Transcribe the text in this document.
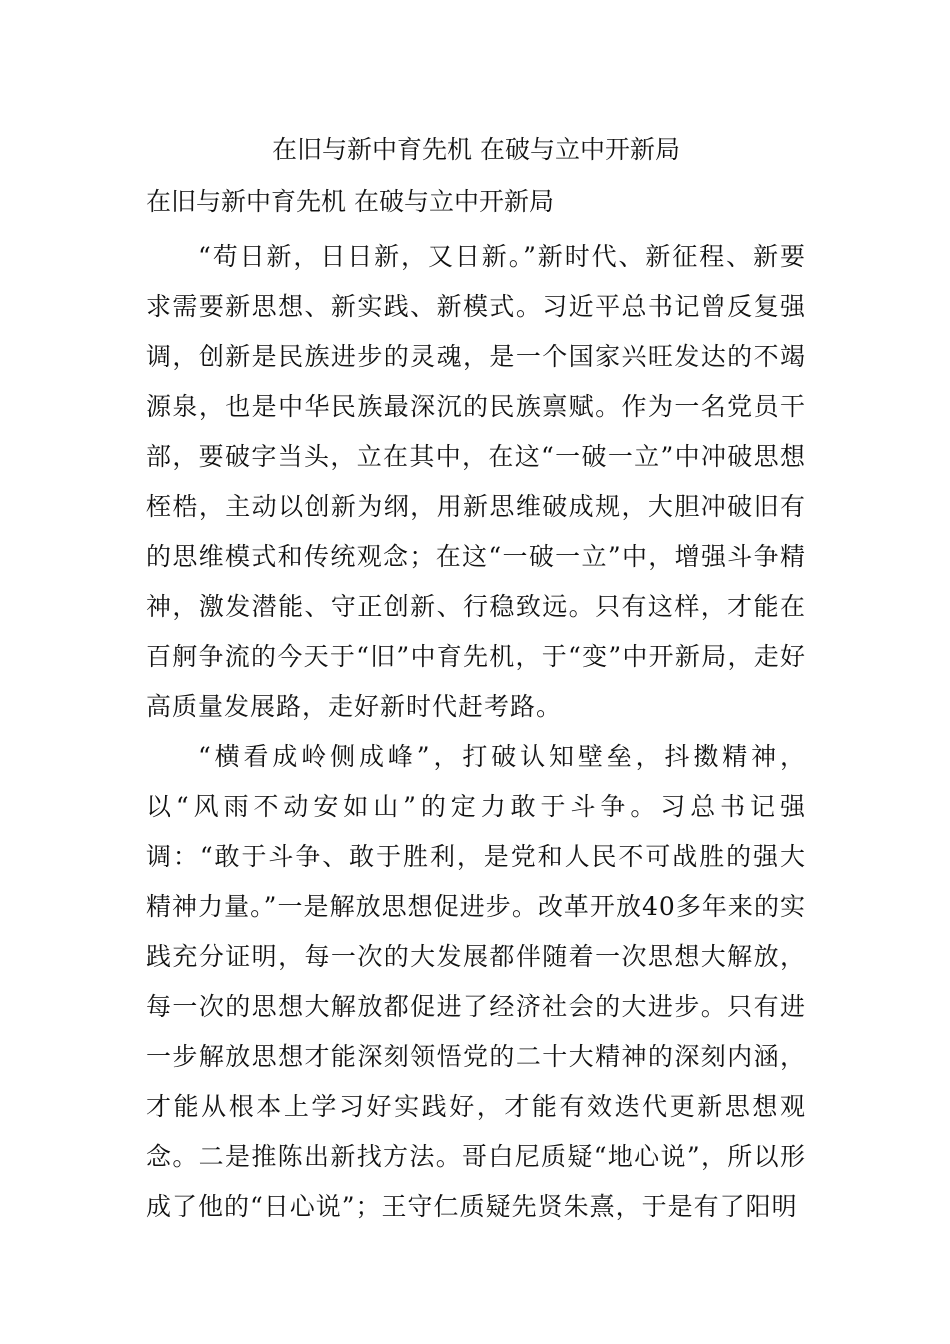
在旧与新中育先机 在破与立中开新局
在旧与新中育先机 在破与立中开新局

“苟日新，日日新，又日新。”新时代、新征程、新要求需要新思想、新实践、新模式。习近平总书记曾反复强调，创新是民族进步的灵魂，是一个国家兴旺发达的不竭源泉，也是中华民族最深沉的民族禀赋。作为一名党员干部，要破字当头，立在其中，在这“一破一立”中冲破思想桎梏，主动以创新为纲，用新思维破成规，大胆冲破旧有的思维模式和传统观念；在这“一破一立”中，增强斗争精神，激发潜能、守正创新、行稳致远。只有这样，才能在百舸争流的今天于“旧”中育先机，于“变”中开新局，走好高质量发展路，走好新时代赶考路。

“横看成岭侧成峰”，打破认知壁垒，抖擞精神，以“风雨不动安如山”的定力敢于斗争。习总书记强调：“敢于斗争、敢于胜利，是党和人民不可战胜的强大精神力量。”一是解放思想促进步。改革开放40多年来的实践充分证明，每一次的大发展都伴随着一次思想大解放，每一次的思想大解放都促进了经济社会的大进步。只有进一步解放思想才能深刻领悟党的二十大精神的深刻内涵，才能从根本上学习好实践好，才能有效迭代更新思想观念。二是推陈出新找方法。哥白尼质疑“地心说”，所以形成了他的“日心说”；王守仁质疑先贤朱熹，于是有了阳明
